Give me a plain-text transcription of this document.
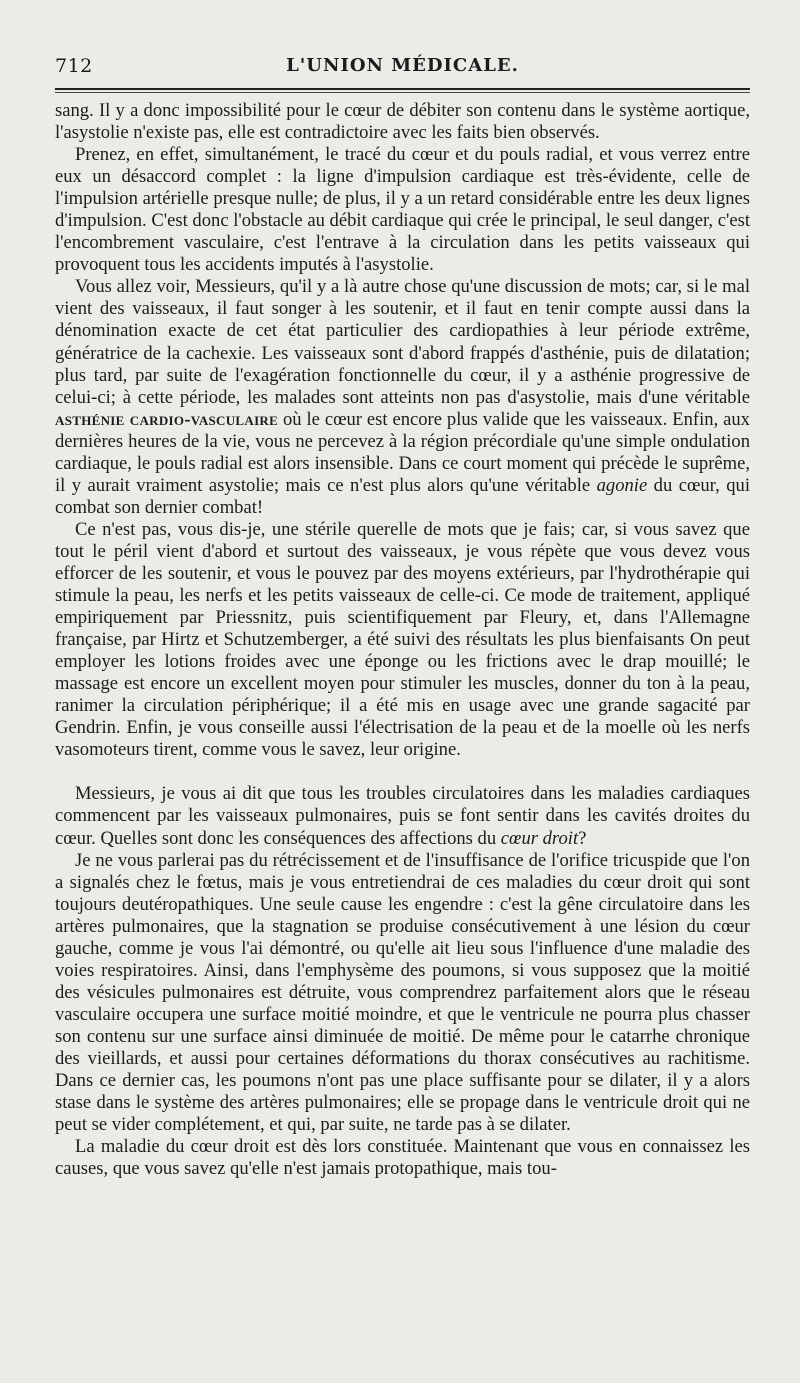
712	L'UNION MÉDICALE.

sang. Il y a donc impossibilité pour le cœur de débiter son contenu dans le système aortique, l'asystolie n'existe pas, elle est contradictoire avec les faits bien observés.

Prenez, en effet, simultanément, le tracé du cœur et du pouls radial, et vous verrez entre eux un désaccord complet : la ligne d'impulsion cardiaque est très-évidente, celle de l'impulsion artérielle presque nulle; de plus, il y a un retard considérable entre les deux lignes d'impulsion. C'est donc l'obstacle au débit cardiaque qui crée le principal, le seul danger, c'est l'encombrement vasculaire, c'est l'entrave à la circulation dans les petits vaisseaux qui provoquent tous les accidents imputés à l'asystolie.

Vous allez voir, Messieurs, qu'il y a là autre chose qu'une discussion de mots; car, si le mal vient des vaisseaux, il faut songer à les soutenir, et il faut en tenir compte aussi dans la dénomination exacte de cet état particulier des cardiopathies à leur période extrême, génératrice de la cachexie. Les vaisseaux sont d'abord frappés d'asthénie, puis de dilatation; plus tard, par suite de l'exagération fonctionnelle du cœur, il y a asthénie progressive de celui-ci; à cette période, les malades sont atteints non pas d'asystolie, mais d'une véritable asthénie cardio-vasculaire où le cœur est encore plus valide que les vaisseaux. Enfin, aux dernières heures de la vie, vous ne percevez à la région précordiale qu'une simple ondulation cardiaque, le pouls radial est alors insensible. Dans ce court moment qui précède le suprême, il y aurait vraiment asystolie; mais ce n'est plus alors qu'une véritable agonie du cœur, qui combat son dernier combat!

Ce n'est pas, vous dis-je, une stérile querelle de mots que je fais; car, si vous savez que tout le péril vient d'abord et surtout des vaisseaux, je vous répète que vous devez vous efforcer de les soutenir, et vous le pouvez par des moyens extérieurs, par l'hydrothérapie qui stimule la peau, les nerfs et les petits vaisseaux de celle-ci. Ce mode de traitement, appliqué empiriquement par Priessnitz, puis scientifiquement par Fleury, et, dans l'Allemagne française, par Hirtz et Schutzemberger, a été suivi des résultats les plus bienfaisants On peut employer les lotions froides avec une éponge ou les frictions avec le drap mouillé; le massage est encore un excellent moyen pour stimuler les muscles, donner du ton à la peau, ranimer la circulation périphérique; il a été mis en usage avec une grande sagacité par Gendrin. Enfin, je vous conseille aussi l'électrisation de la peau et de la moelle où les nerfs vasomoteurs tirent, comme vous le savez, leur origine.

Messieurs, je vous ai dit que tous les troubles circulatoires dans les maladies cardiaques commencent par les vaisseaux pulmonaires, puis se font sentir dans les cavités droites du cœur. Quelles sont donc les conséquences des affections du cœur droit?

Je ne vous parlerai pas du rétrécissement et de l'insuffisance de l'orifice tricuspide que l'on a signalés chez le fœtus, mais je vous entretiendrai de ces maladies du cœur droit qui sont toujours deutéropathiques. Une seule cause les engendre : c'est la gêne circulatoire dans les artères pulmonaires, que la stagnation se produise consécutivement à une lésion du cœur gauche, comme je vous l'ai démontré, ou qu'elle ait lieu sous l'influence d'une maladie des voies respiratoires. Ainsi, dans l'emphysème des poumons, si vous supposez que la moitié des vésicules pulmonaires est détruite, vous comprendrez parfaitement alors que le réseau vasculaire occupera une surface moitié moindre, et que le ventricule ne pourra plus chasser son contenu sur une surface ainsi diminuée de moitié. De même pour le catarrhe chronique des vieillards, et aussi pour certaines déformations du thorax consécutives au rachitisme. Dans ce dernier cas, les poumons n'ont pas une place suffisante pour se dilater, il y a alors stase dans le système des artères pulmonaires; elle se propage dans le ventricule droit qui ne peut se vider complétement, et qui, par suite, ne tarde pas à se dilater.

La maladie du cœur droit est dès lors constituée. Maintenant que vous en connaissez les causes, que vous savez qu'elle n'est jamais protopathique, mais tou-
